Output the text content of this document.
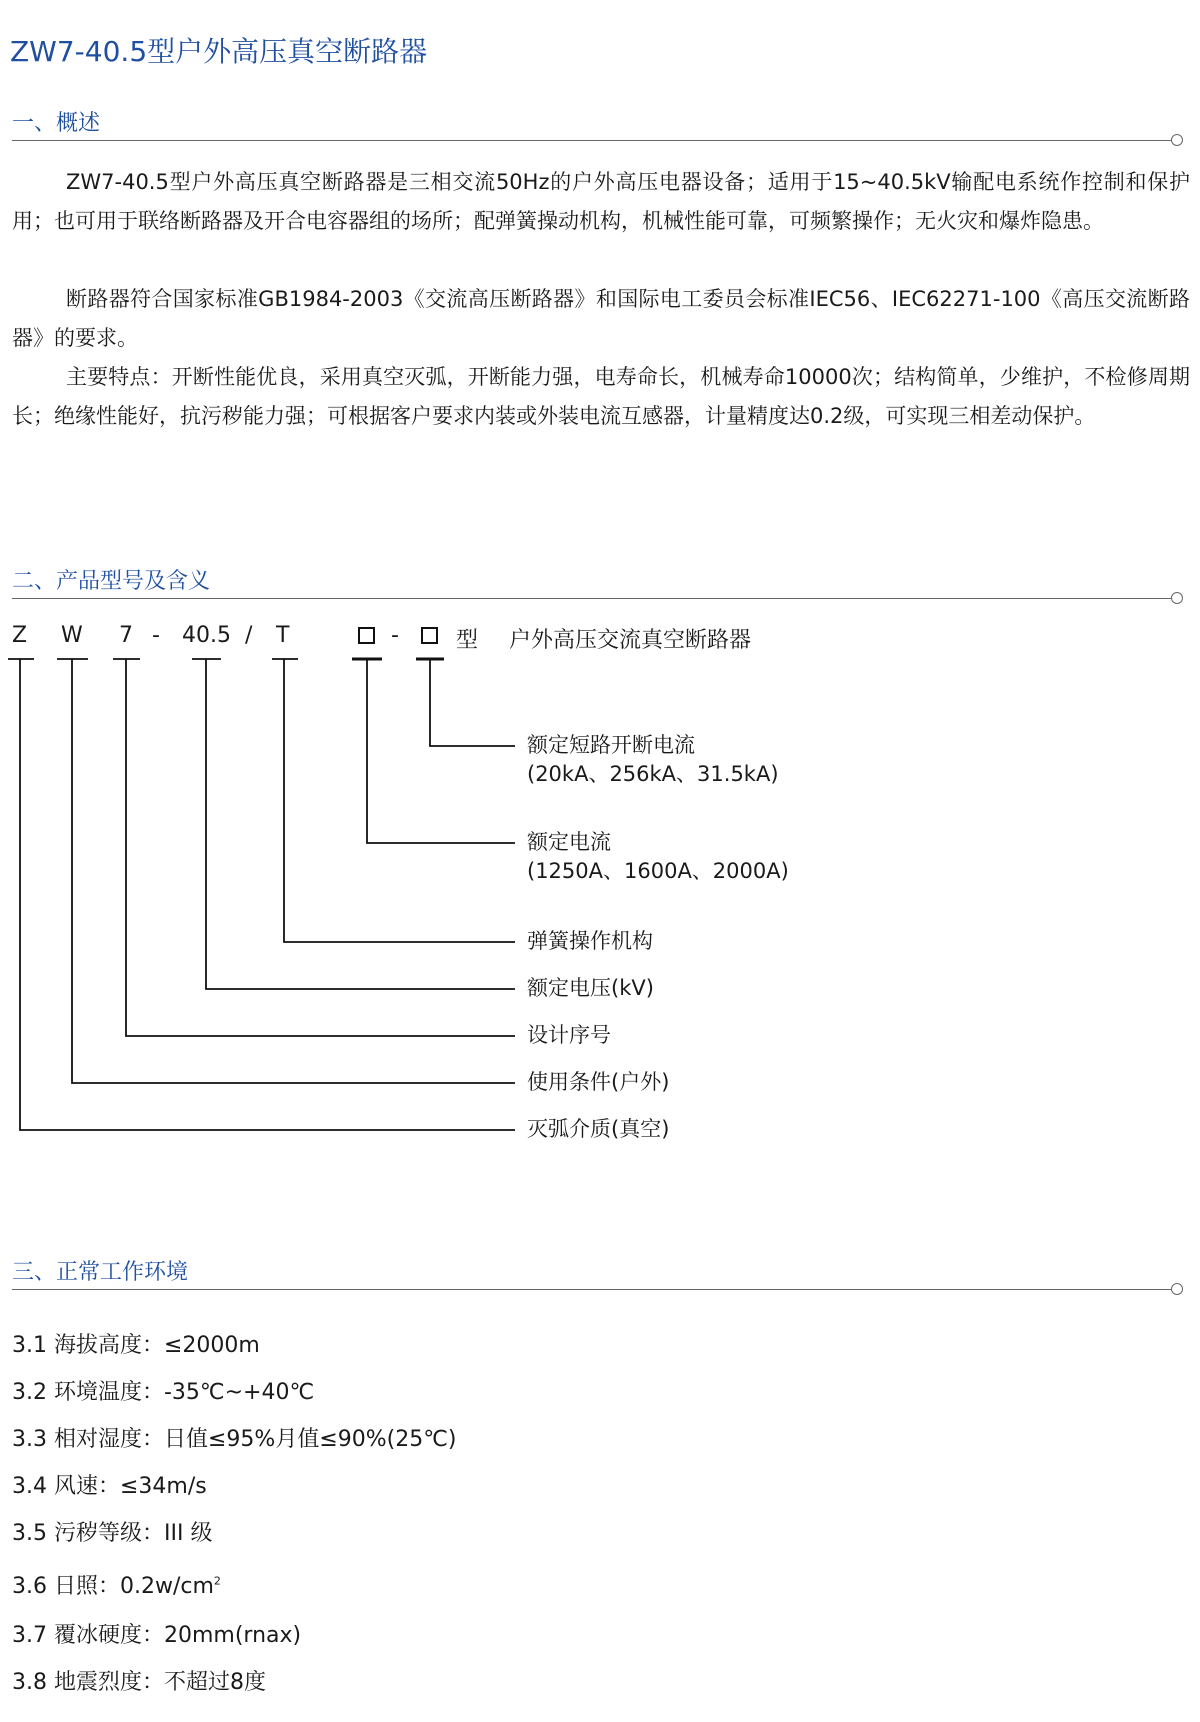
ZW7-40.5型户外高压真空断路器
一、概述

ZW7-40.5型户外高压真空断路器是三相交流50Hz的户外高压电器设备；适用于15~40.5kV输配电系统作控制和保护用；也可用于联络断路器及开合电容器组的场所；配弹簧操动机构，机械性能可靠，可频繁操作；无火灾和爆炸隐患。

断路器符合国家标准GB1984-2003《交流高压断路器》和国际电工委员会标准IEC56、IEC62271-100《高压交流断路器》的要求。

主要特点：开断性能优良，采用真空灭弧，开断能力强，电寿命长，机械寿命10000次；结构简单，少维护，不检修周期长；绝缘性能好，抗污秽能力强；可根据客户要求内装或外装电流互感器，计量精度达0.2级，可实现三相差动保护。

二、产品型号及含义
Z W 7 - 40.5 / T	-	型 户外高压交流真空断路器
额定短路开断电流
(20kA、256kA、31.5kA)
额定电流
(1250A、1600A、2000A)
弹簧操作机构
额定电压(kV)
设计序号
使用条件(户外)
灭弧介质(真空)
三、正常工作环境
3.1 海拔高度：≤2000m
3.2 环境温度：-35℃~+40℃
3.3 相对湿度：日值≤95%月值≤90%(25℃)
3.4 风速：≤34m/s
3.5 污秽等级：III 级
3.6 日照：$0.2w/cm^2$
3.7 覆冰硬度：20mm(rnax)
3.8 地震烈度：不超过8度
